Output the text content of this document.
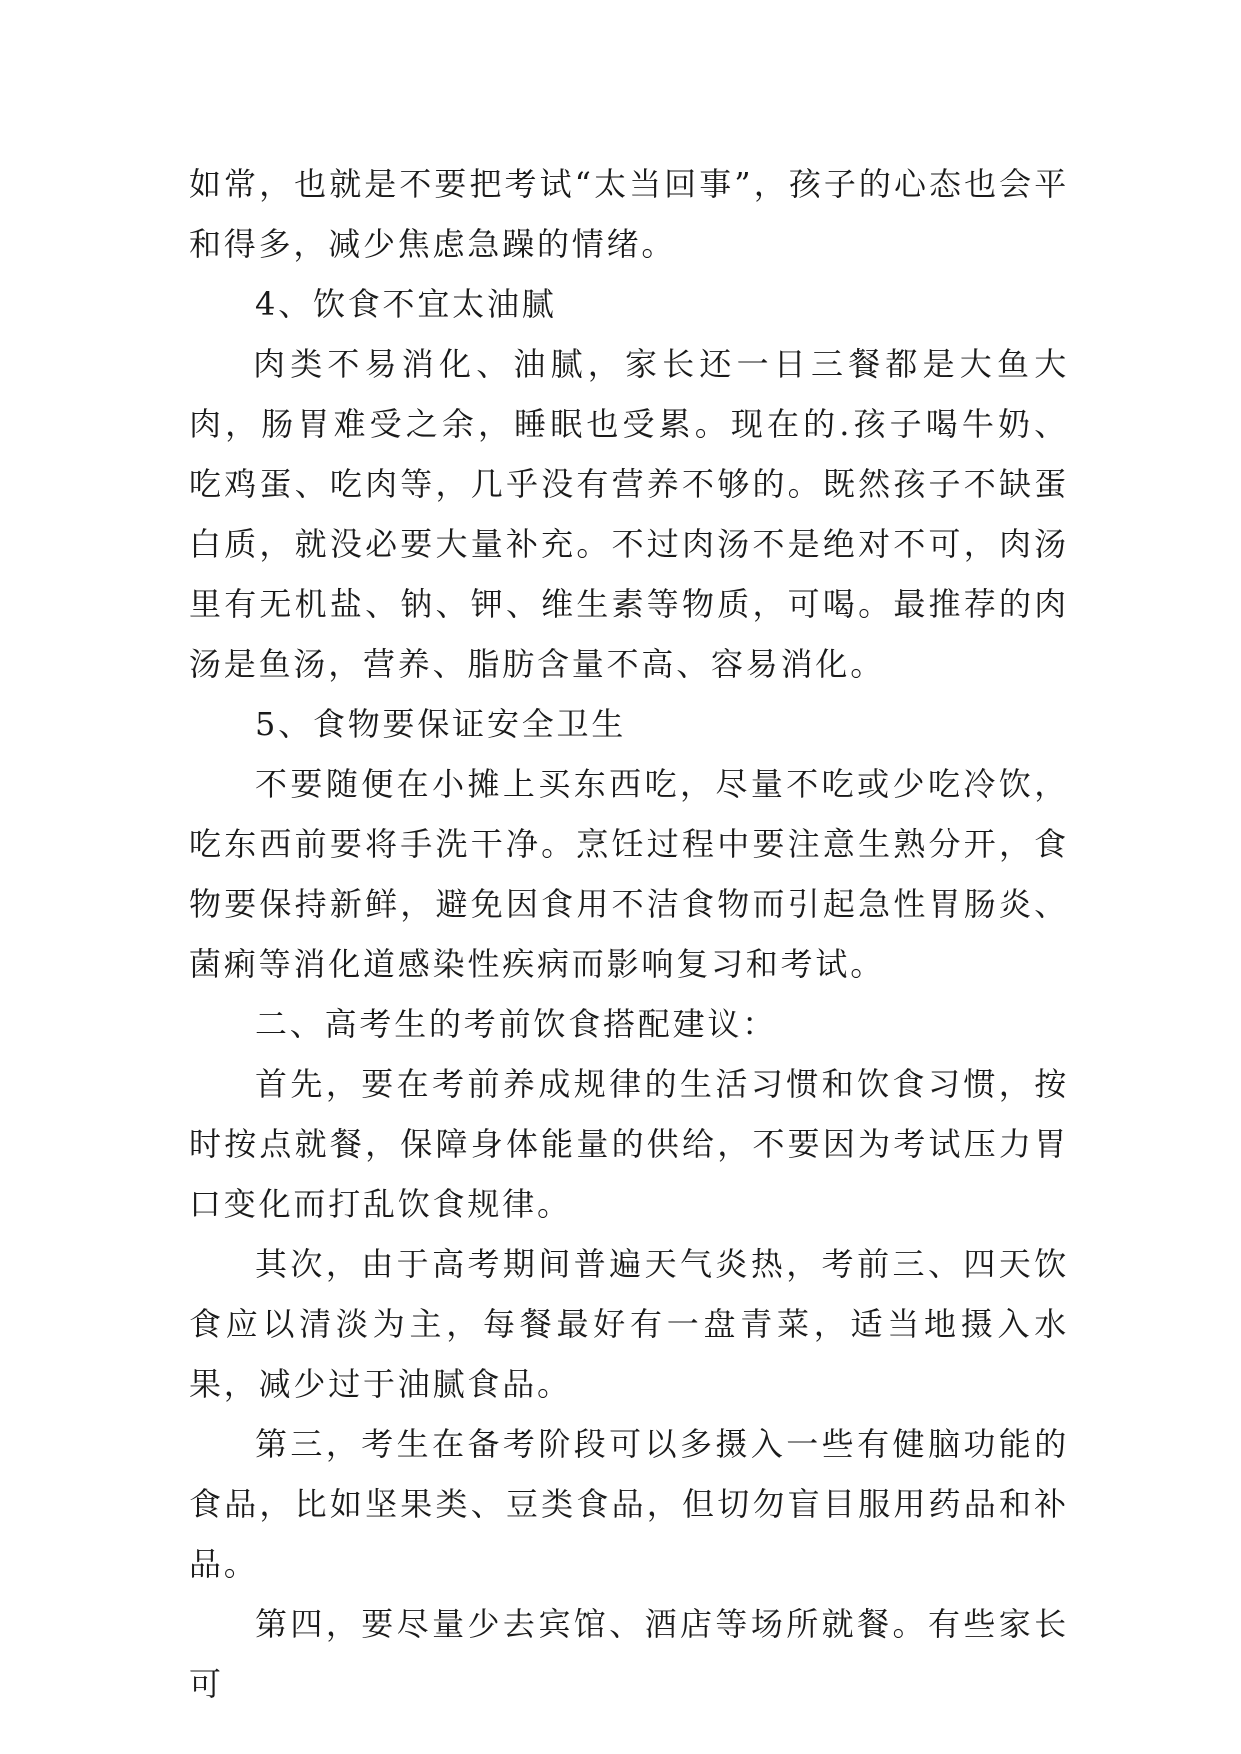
如常，也就是不要把考试“太当回事”，孩子的心态也会平和得多，减少焦虑急躁的情绪。

4、饮食不宜太油腻

肉类不易消化、油腻，家长还一日三餐都是大鱼大肉，肠胃难受之余，睡眠也受累。现在的.孩子喝牛奶、吃鸡蛋、吃肉等，几乎没有营养不够的。既然孩子不缺蛋白质，就没必要大量补充。不过肉汤不是绝对不可，肉汤里有无机盐、钠、钾、维生素等物质，可喝。最推荐的肉汤是鱼汤，营养、脂肪含量不高、容易消化。

5、食物要保证安全卫生

不要随便在小摊上买东西吃，尽量不吃或少吃冷饮，吃东西前要将手洗干净。烹饪过程中要注意生熟分开，食物要保持新鲜，避免因食用不洁食物而引起急性胃肠炎、菌痢等消化道感染性疾病而影响复习和考试。

二、高考生的考前饮食搭配建议：

首先，要在考前养成规律的生活习惯和饮食习惯，按时按点就餐，保障身体能量的供给，不要因为考试压力胃口变化而打乱饮食规律。

其次，由于高考期间普遍天气炎热，考前三、四天饮食应以清淡为主，每餐最好有一盘青菜，适当地摄入水果，减少过于油腻食品。

第三，考生在备考阶段可以多摄入一些有健脑功能的食品，比如坚果类、豆类食品，但切勿盲目服用药品和补品。

第四，要尽量少去宾馆、酒店等场所就餐。有些家长可
